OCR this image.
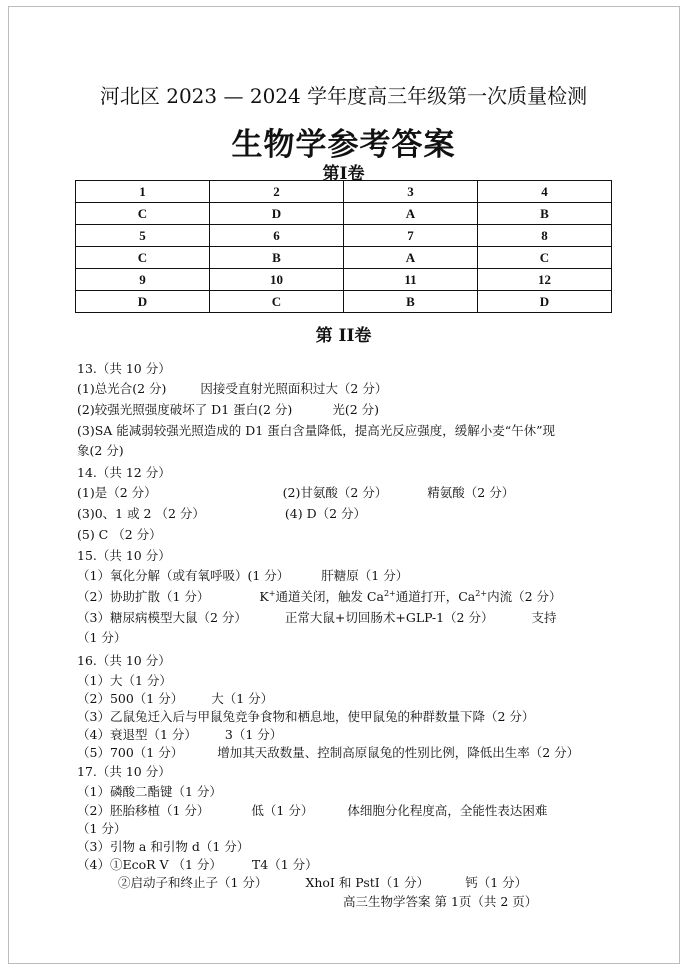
河北区 2023 — 2024 学年度高三年级第一次质量检测
生物学参考答案
第Ⅰ卷
1	2	3	4
C	D	A	B
5	6	7	8
C	B	A	C
9	10	11	12
D	C	B	D
第 II卷
13.（共 10 分）
(1)总光合(2 分)	因接受直射光照面积过大（2 分）
(2)较强光照强度破坏了 D1 蛋白(2 分)	光(2 分)
(3)SA 能减弱较强光照造成的 D1 蛋白含量降低，提高光反应强度，缓解小麦“午休”现
象(2 分)
14.（共 12 分）
(1)是（2 分）	(2)甘氨酸（2 分）	精氨酸（2 分）
(3)0、1 或 2 （2 分）	(4) D（2 分）
(5) C （2 分）
15.（共 10 分）
（1）氧化分解（或有氧呼吸）(1 分）	肝糖原（1 分）
（2）协助扩散（1 分）	K+通道关闭，触发 $Ca^{2+}$通道打开，$Ca^{2+}$内流（2 分）
（3）糖尿病模型大鼠（2 分）	正常大鼠+切回肠术+GLP-1（2 分）	支持
（1 分）
16.（共 10 分）
（1）大（1 分）
（2）500（1 分） 大（1 分）
（3）乙鼠兔迁入后与甲鼠兔竞争食物和栖息地，使甲鼠兔的种群数量下降（2 分）
（4）衰退型（1 分） 3（1 分）
（5）700（1 分）	增加其天敌数量、控制高原鼠兔的性别比例，降低出生率（2 分）
17.（共 10 分）
（1）磷酸二酯键（1 分）
（2）胚胎移植（1 分）	低（1 分）	体细胞分化程度高，全能性表达困难
（1 分）
（3）引物 a 和引物 d（1 分）
（4）①EcoR V （1 分） T4（1 分）
②启动子和终止子（1 分）	XhoI 和 PstI（1 分）	钙（1 分）
高三生物学答案 第 1页（共 2 页）
